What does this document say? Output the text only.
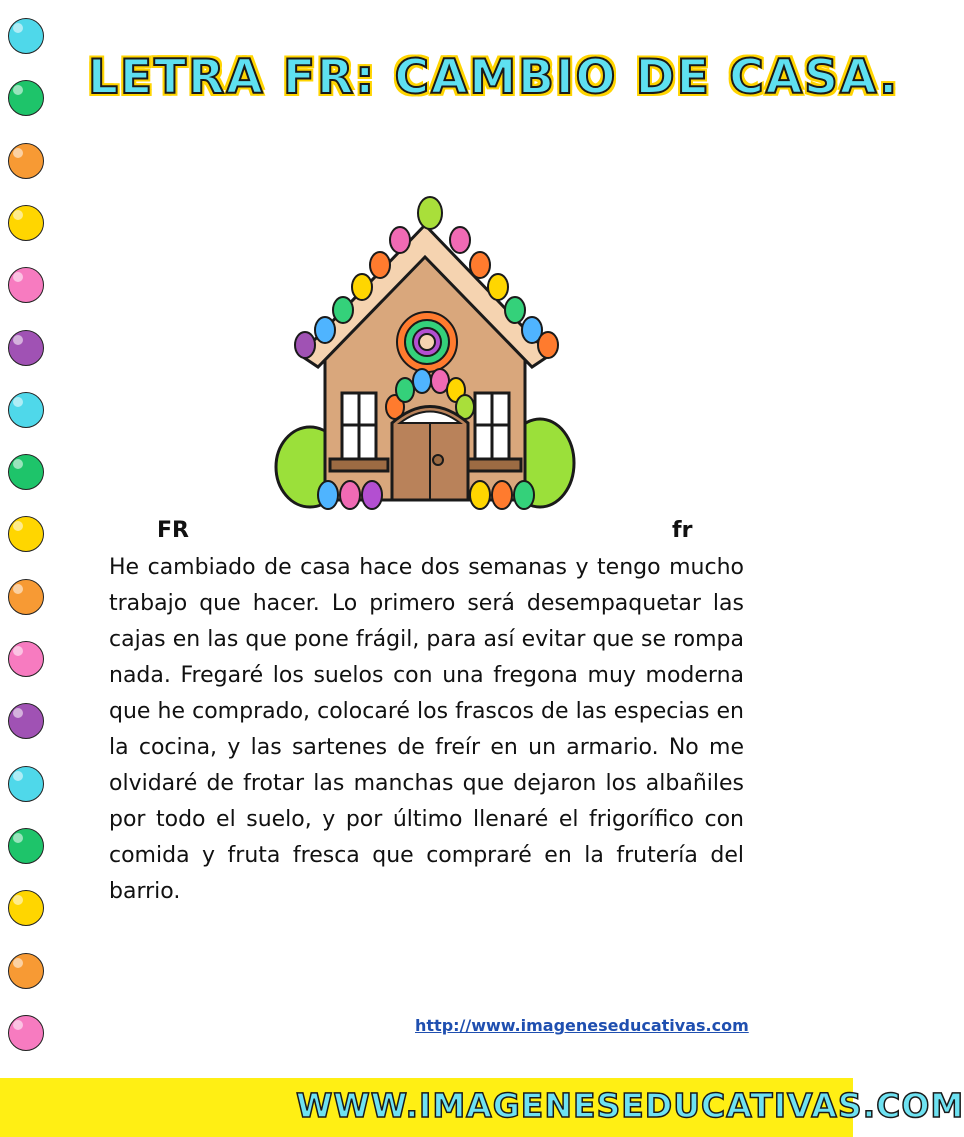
LETRA FR: CAMBIO DE CASA.
FR	fr
He cambiado de casa hace dos semanas y tengo mucho trabajo que hacer. Lo primero será desempaquetar las cajas en las que pone frágil, para así evitar que se rompa nada. Fregaré los suelos con una fregona muy moderna que he comprado, colocaré los frascos de las especias en la cocina, y las sartenes de freír en un armario. No me olvidaré de frotar las manchas que dejaron los albañiles por todo el suelo, y por último llenaré el frigorífico con comida y fruta fresca que compraré en la frutería del barrio.
http://www.imageneseducativas.com
WWW.IMAGENESEDUCATIVAS.COM
